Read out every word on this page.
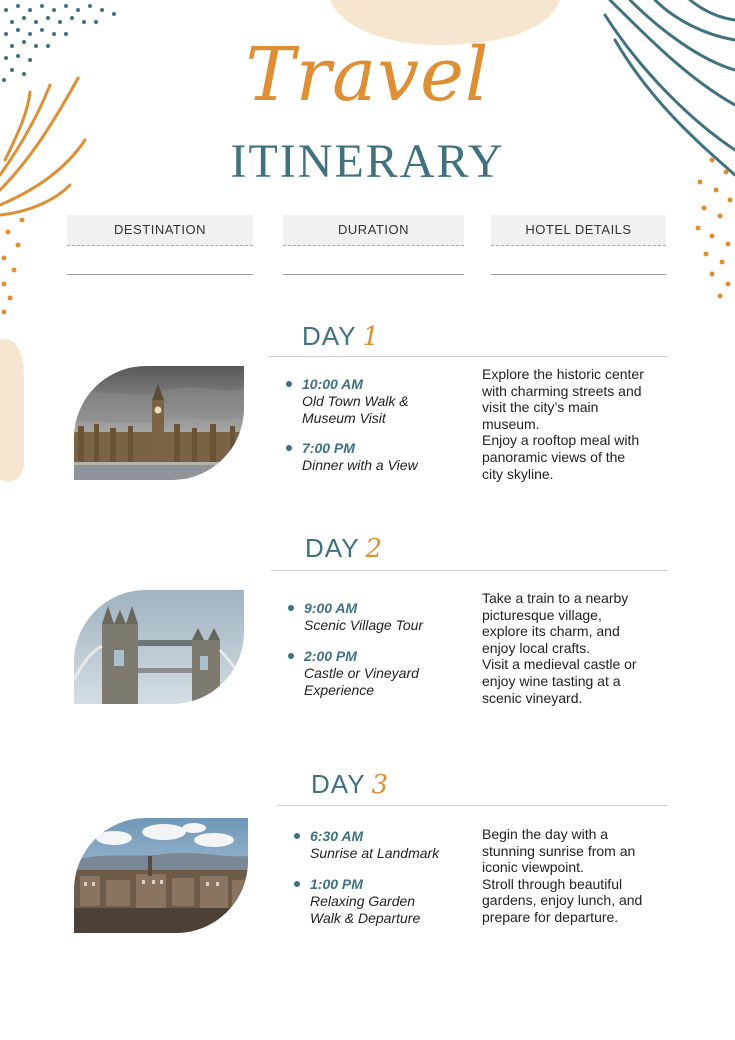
Travel
ITINERARY
DESTINATION	DURATION	HOTEL DETAILS
DAY 1
10:00 AM
Old Town Walk &
Museum Visit
7:00 PM
Dinner with a View

Explore the historic center

with charming streets and

visit the city’s main

museum.

Enjoy a rooftop meal with

panoramic views of the

city skyline.

DAY 2
9:00 AM
Scenic Village Tour
2:00 PM
Castle or Vineyard
Experience

Take a train to a nearby

picturesque village,

explore its charm, and

enjoy local crafts.

Visit a medieval castle or

enjoy wine tasting at a

scenic vineyard.

DAY 3
6:30 AM
Sunrise at Landmark
1:00 PM
Relaxing Garden
Walk & Departure

Begin the day with a

stunning sunrise from an

iconic viewpoint.

Stroll through beautiful

gardens, enjoy lunch, and

prepare for departure.
